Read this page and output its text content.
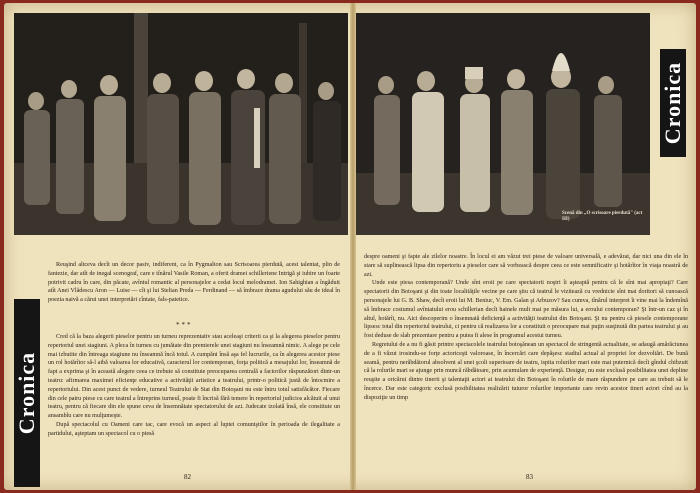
Reuşind altceva decît un decor pasiv, indiferent, ca în Pygmalion sau Scrisoarea pierdută, acest talentat, plin de fantezie, dar atît de inegal scenograf, care e tînărul Vasile Roman, a oferit dramei schilleriene Intrigă şi iubire un foarte potrivit cadru în care, din păcate, avîntul romantic al personajelor a cedat locul melodramei. Ion Sahighian a îngăduit atît Anei Vlădescu Aron — Luise — cît şi lui Stelian Preda — Ferdinand — să îmbrace drama agudului său de ideal în poezia naivă a cărui unei interpretări cîntate, fals-patetice.

***

Cred că la baza alegerii pieselor pentru un turneu reprezentativ stau aceleaşi criterii ca şi la alegerea pieselor pentru repertoriul unei stagiuni. A pleca în turneu cu jumătate din premierele unei stagiuni nu înseamnă nimic. A alege pe cele mai izbutite din întreaga stagiune nu înseamnă încă totul. A cumpăni însă aşa fel lucrurile, ca în alegerea acestor piese un rol hotărîtor să-l aibă valoarea lor educativă, caracterul lor contemporan, forţa politică a mesajului lor, înseamnă de fapt a exprima şi în această alegere ceea ce trebuie să constituie preocuparea centrală a factorilor răspunzători dintr-un teatru: afirmarea maximei eficienţe educative a activităţii artistice a teatrului, printr-o politică justă de întocmire a repertoriului. Din acest punct de vedere, turneul Teatrului de Stat din Botoşani nu este întru totul satisfăcător. Fiecare din cele patru piese cu care teatrul a întreprins turneul, poate fi încrisă fără temere în repertoriul judicios alcătuit al unui teatru, pentru că fiecare din ele spune ceva de însemnătate spectatorului de azi. Judecate izolată însă, ele constituie un ansamblu care nu mulţumeşte.

După spectacolul cu Oameni care tac, care evocă un aspect al luptei comuniştilor în perioada de ilegalitate a partidului, aşteptam un spectacol cu o piesă

Cronica
82
Scenă din „O scrisoare pierdută" (act III)
Cronica

despre oameni şi fapte ale zilelor noastre. În locul ei am văzut trei piese de valoare universală, e adevărat, dar nici una din ele în stare să suplinească lipsa din repertoriu a pieselor care să vorbească despre ceea ce este semnificativ şi hotărîtor în viaţa noastră de azi.

Unde este piesa contemporană? Unde sînt eroii pe care spectatorii noştri îi aşteaptă pentru că le sînt mai apropiaţi? Care spectatorii din Botoşani şi din toate localităţile vecine pe care ştiu că teatrul le vizitează cu vrednicie sînt mai doritori să cunoască personajele lui G. B. Shaw, decît eroii lui M. Beniuc, V. Em. Galan şi Arbuzov? Sau cumva, tînărul interpret îi vine mai la îndemînă să îmbrace costumul avîntatului erou schillerian decît hainele mult mai pe măsura lui, a eroului contemporan? Şi într-un caz şi în altul, hotărît, nu. Aici descoperim o însemnată deficienţă a activităţii teatrului din Botoşani. Şi nu pentru că piesele contemporane lipsesc total din repertoriul teatrului, ci pentru că realizarea lor a constituit o preocupare mai puţin susţinută din partea teatrului şi au fost deduse de slab prezentare pentru a putea fi alese în programul acestui turneu.

Regretului de a nu fi găsit printre spectacolele teatrului botoşănean un spectacol de stringentă actualitate, se adaugă amărăciunea de a fi văzut irosindu-se forţe actoriceşti valoroase, în încercări care depăşesc stadiul actual al propriei lor dezvoltări. De bună seamă, pentru nerăbdătorul absolvent al unei şcoli superioare de teatru, ispita rolurilor mari este mai puternică decît gîndul chibzuit că la rolurile mari se ajunge prin muncă răbdătoare, prin acumulare de experienţă. Desigur, nu este exclusă posibilitatea unei depline reuşite a oricărui dintre tinerii şi talentaţii actori ai teatrului din Botoşani în rolurile de mare răspundere pe care au trebuit să le încerce. Dar este categoric exclusă posibilitatea realizării tuturor rolurilor importante care revin acestor tineri actori cînd au la dispoziţie un timp

83
